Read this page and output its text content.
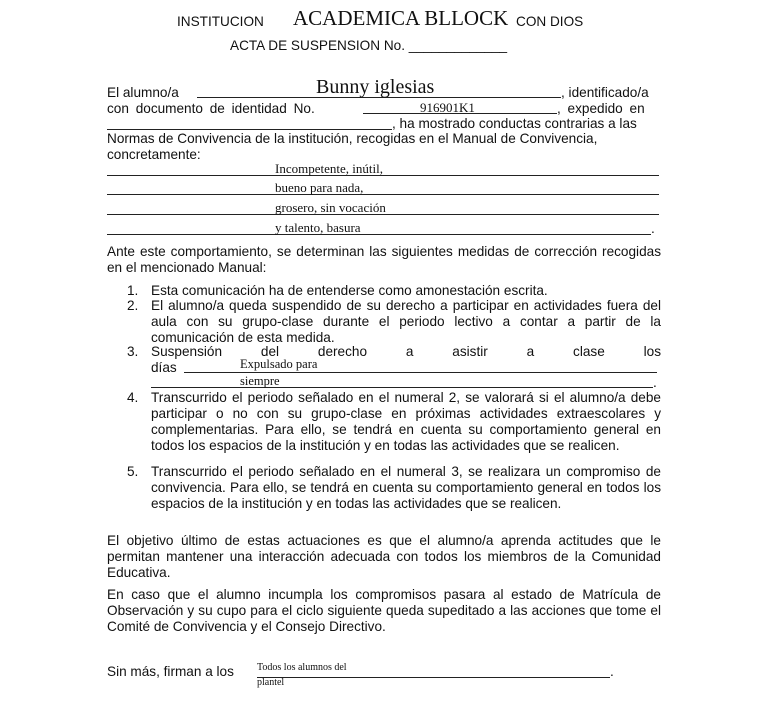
INSTITUCION ACADEMICA BLLOCK CON DIOS
ACTA DE SUSPENSION No. _____________
El alumno/a	Bunny iglesias	, identificado/a
con documento de identidad No.	916901K1	, expedido en
, ha mostrado conductas contrarias a las
Normas de Convivencia de la institución, recogidas en el Manual de Convivencia,
concretamente:
Incompetente, inútil,
bueno para nada,
grosero, sin vocación
y talento, basura	.
Ante este comportamiento, se determinan las siguientes medidas de corrección recogidas en el mencionado Manual:
1. Esta comunicación ha de entenderse como amonestación escrita.
2. El alumno/a queda suspendido de su derecho a participar en actividades fuera del aula con su grupo-clase durante el periodo lectivo a contar a partir de la comunicación de esta medida.
3. Suspensión del derecho a asistir a clase los
días	Expulsado para
siempre	.
4. Transcurrido el periodo señalado en el numeral 2, se valorará si el alumno/a debe participar o no con su grupo-clase en próximas actividades extraescolares y complementarias. Para ello, se tendrá en cuenta su comportamiento general en todos los espacios de la institución y en todas las actividades que se realicen.
5. Transcurrido el periodo señalado en el numeral 3, se realizara un compromiso de convivencia. Para ello, se tendrá en cuenta su comportamiento general en todos los espacios de la institución y en todas las actividades que se realicen.
El objetivo último de estas actuaciones es que el alumno/a aprenda actitudes que le permitan mantener una interacción adecuada con todos los miembros de la Comunidad Educativa.
En caso que el alumno incumpla los compromisos pasara al estado de Matrícula de Observación y su cupo para el ciclo siguiente queda supeditado a las acciones que tome el Comité de Convivencia y el Consejo Directivo.
Sin más, firman a los Todos los alumnos del
plantel
.
